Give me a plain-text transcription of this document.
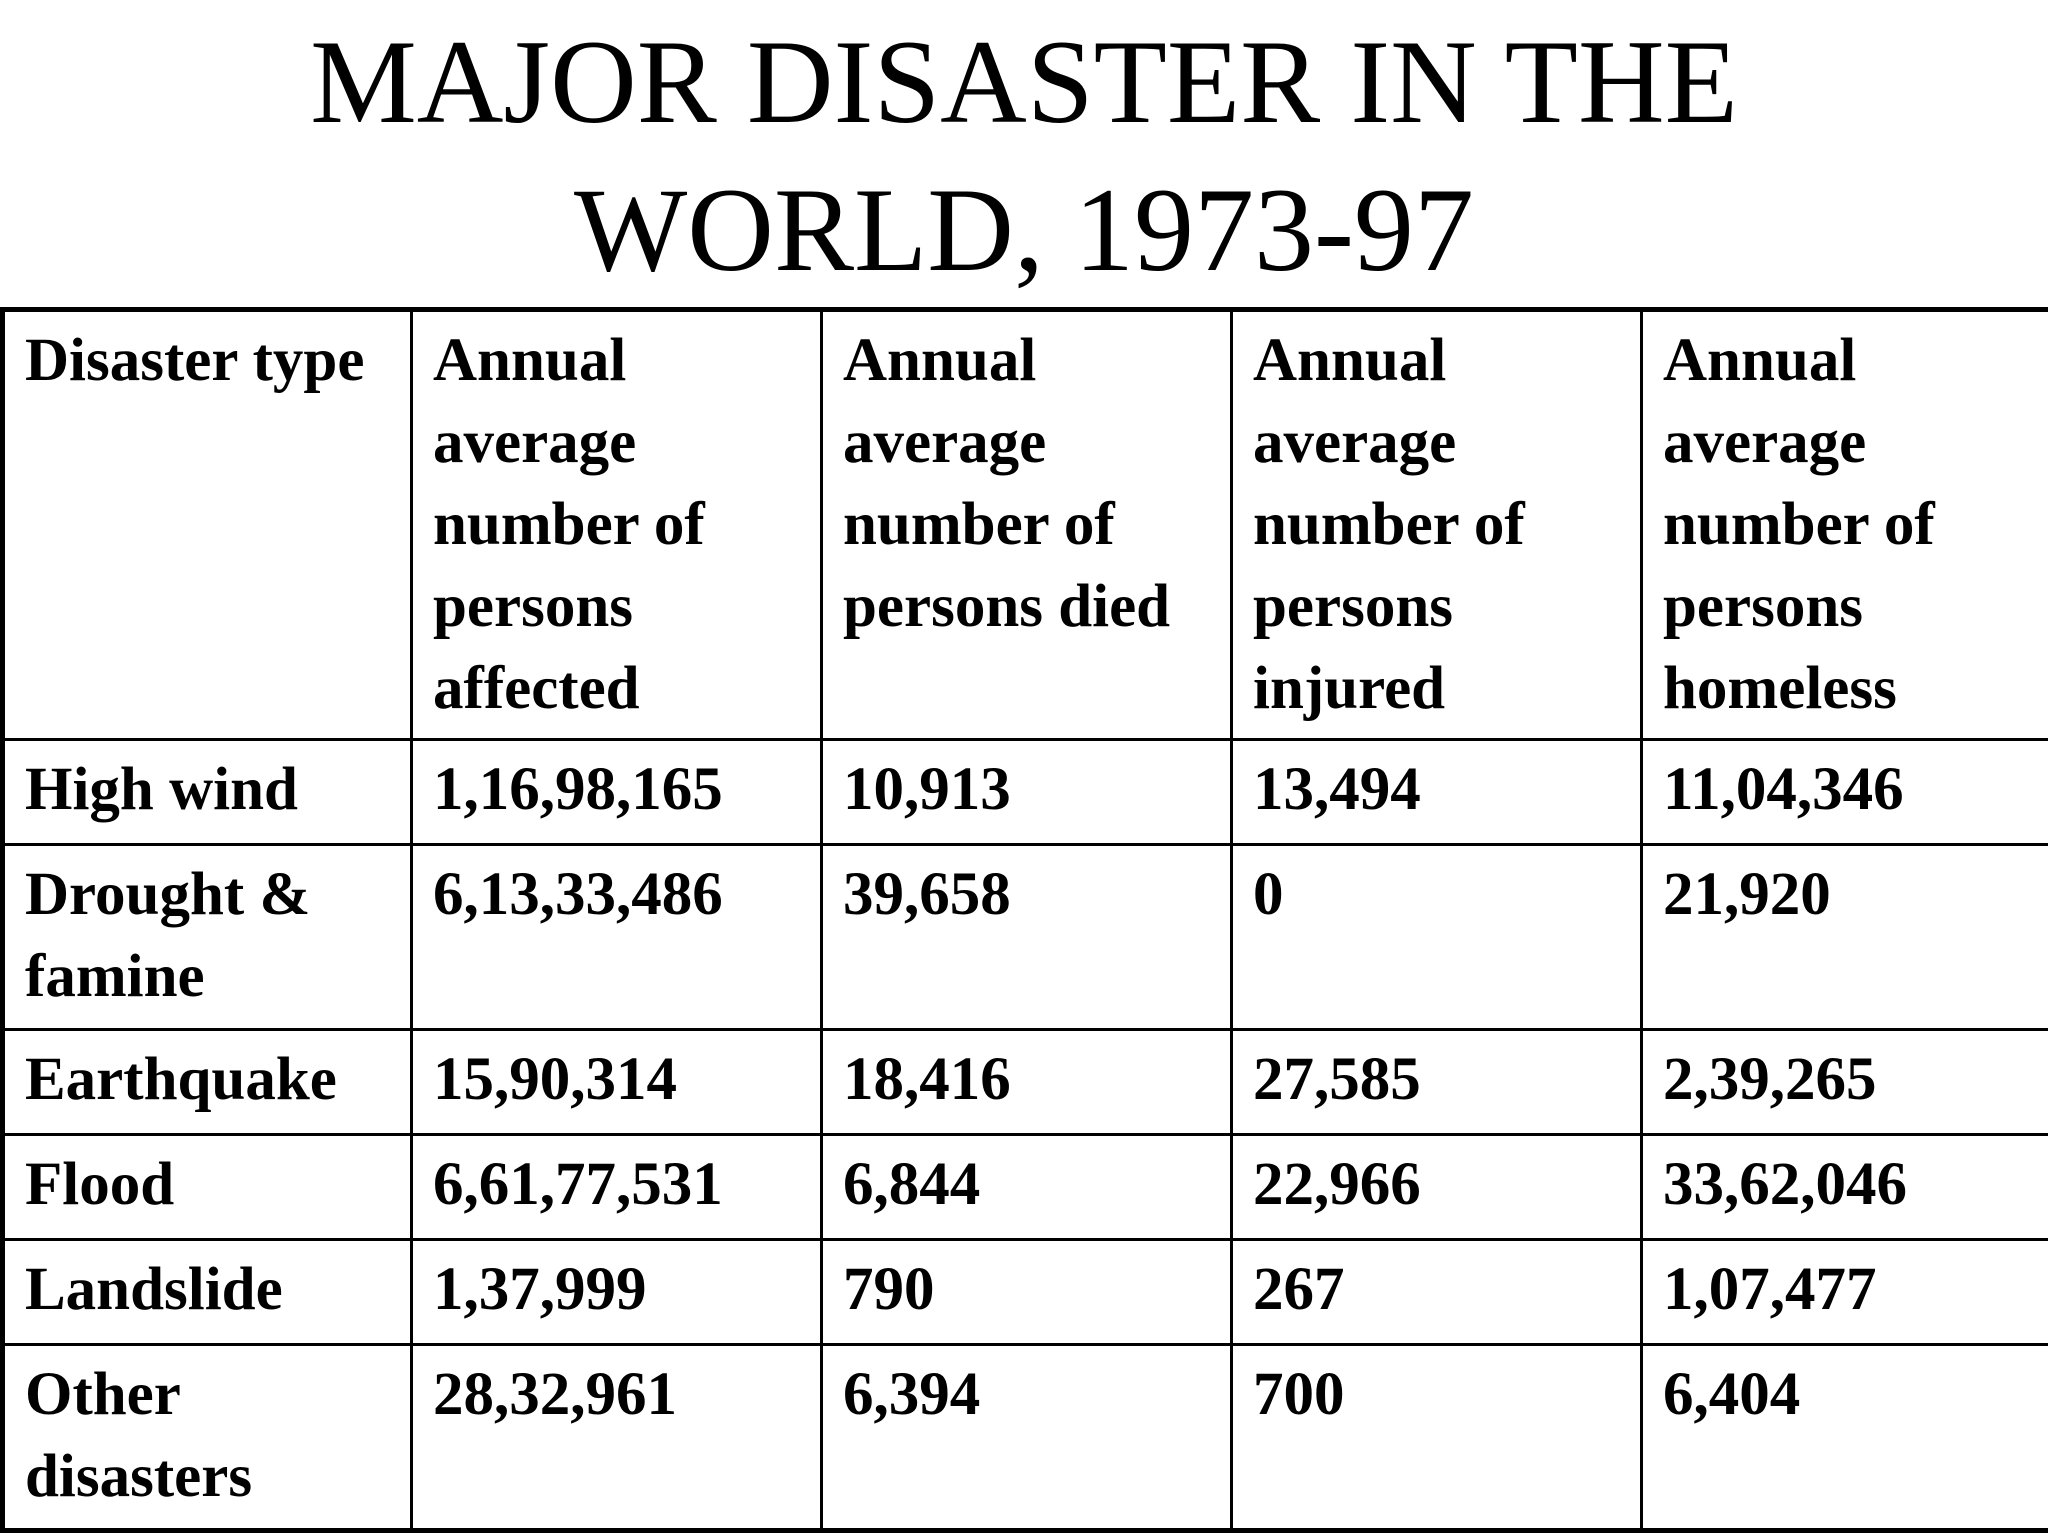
MAJOR DISASTER IN THE
WORLD, 1973-97
Disaster type	Annual average number of persons affected	Annual average number of persons died	Annual average number of persons injured	Annual average number of persons homeless
High wind	1,16,98,165	10,913	13,494	11,04,346
Drought & famine	6,13,33,486	39,658	0	21,920
Earthquake	15,90,314	18,416	27,585	2,39,265
Flood	6,61,77,531	6,844	22,966	33,62,046
Landslide	1,37,999	790	267	1,07,477
Other disasters	28,32,961	6,394	700	6,404
